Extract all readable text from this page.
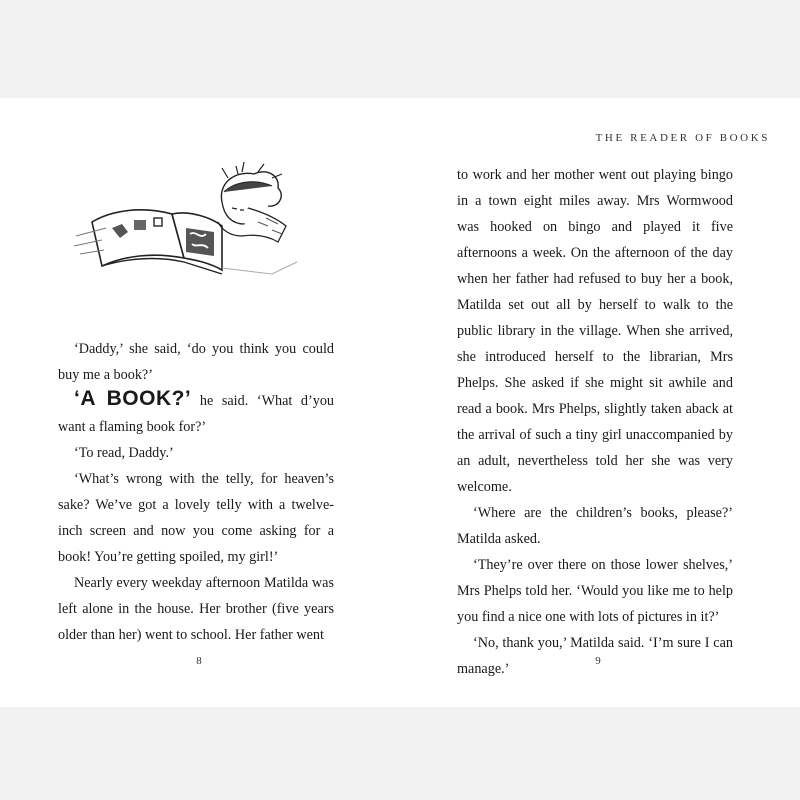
‘Daddy,’ she said, ‘do you think you could buy me a book?’

‘A BOOK?’ he said. ‘What d’you want a flaming book for?’

‘To read, Daddy.’

‘What’s wrong with the telly, for heaven’s sake? We’ve got a lovely telly with a twelve-inch screen and now you come asking for a book! You’re getting spoiled, my girl!’

Nearly every weekday afternoon Matilda was left alone in the house. Her brother (five years older than her) went to school. Her father went

8
THE READER OF BOOKS

to work and her mother went out playing bingo in a town eight miles away. Mrs Wormwood was hooked on bingo and played it five afternoons a week. On the afternoon of the day when her father had refused to buy her a book, Matilda set out all by herself to walk to the public library in the village. When she arrived, she introduced herself to the librarian, Mrs Phelps. She asked if she might sit awhile and read a book. Mrs Phelps, slightly taken aback at the arrival of such a tiny girl unaccompanied by an adult, nevertheless told her she was very welcome.

‘Where are the children’s books, please?’ Matilda asked.

‘They’re over there on those lower shelves,’ Mrs Phelps told her. ‘Would you like me to help you find a nice one with lots of pictures in it?’

‘No, thank you,’ Matilda said. ‘I’m sure I can manage.’	9
